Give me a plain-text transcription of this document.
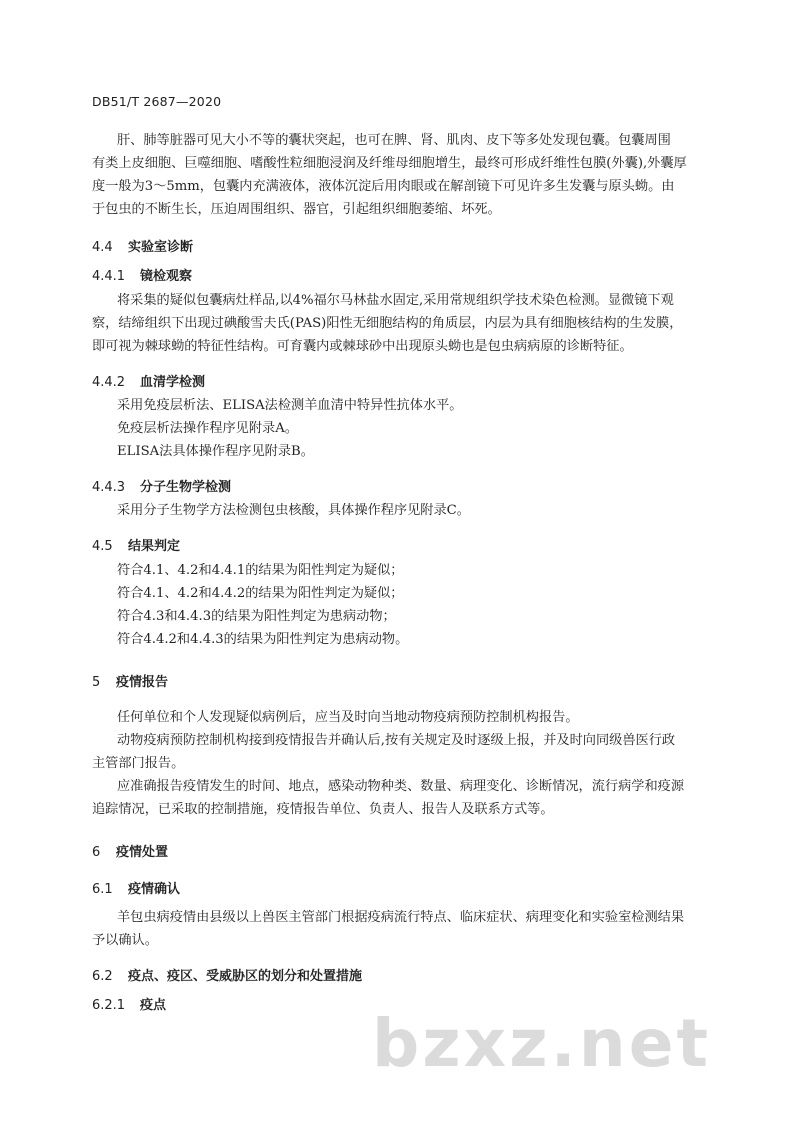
DB51/T 2687—2020
肝、肺等脏器可见大小不等的囊状突起，也可在脾、肾、肌肉、皮下等多处发现包囊。包囊周围
有类上皮细胞、巨噬细胞、嗜酸性粒细胞浸润及纤维母细胞增生，最终可形成纤维性包膜(外囊),外囊厚
度一般为3～5mm，包囊内充满液体，液体沉淀后用肉眼或在解剖镜下可见许多生发囊与原头蚴。由
于包虫的不断生长，压迫周围组织、器官，引起组织细胞萎缩、坏死。
4.4 实验室诊断
4.4.1 镜检观察
将采集的疑似包囊病灶样品,以4%福尔马林盐水固定,采用常规组织学技术染色检测。显微镜下观
察，结缔组织下出现过碘酸雪夫氏(PAS)阳性无细胞结构的角质层，内层为具有细胞核结构的生发膜，
即可视为棘球蚴的特征性结构。可育囊内或棘球砂中出现原头蚴也是包虫病病原的诊断特征。
4.4.2 血清学检测
采用免疫层析法、ELISA法检测羊血清中特异性抗体水平。
免疫层析法操作程序见附录A。
ELISA法具体操作程序见附录B。
4.4.3 分子生物学检测
采用分子生物学方法检测包虫核酸，具体操作程序见附录C。
4.5 结果判定
符合4.1、4.2和4.4.1的结果为阳性判定为疑似；
符合4.1、4.2和4.4.2的结果为阳性判定为疑似；
符合4.3和4.4.3的结果为阳性判定为患病动物；
符合4.4.2和4.4.3的结果为阳性判定为患病动物。
5 疫情报告
任何单位和个人发现疑似病例后，应当及时向当地动物疫病预防控制机构报告。
动物疫病预防控制机构接到疫情报告并确认后,按有关规定及时逐级上报，并及时向同级兽医行政
主管部门报告。
应准确报告疫情发生的时间、地点，感染动物种类、数量、病理变化、诊断情况，流行病学和疫源
追踪情况，已采取的控制措施，疫情报告单位、负责人、报告人及联系方式等。
6 疫情处置
6.1 疫情确认
羊包虫病疫情由县级以上兽医主管部门根据疫病流行特点、临床症状、病理变化和实验室检测结果
予以确认。
6.2 疫点、疫区、受威胁区的划分和处置措施
6.2.1 疫点	bzxz.net
